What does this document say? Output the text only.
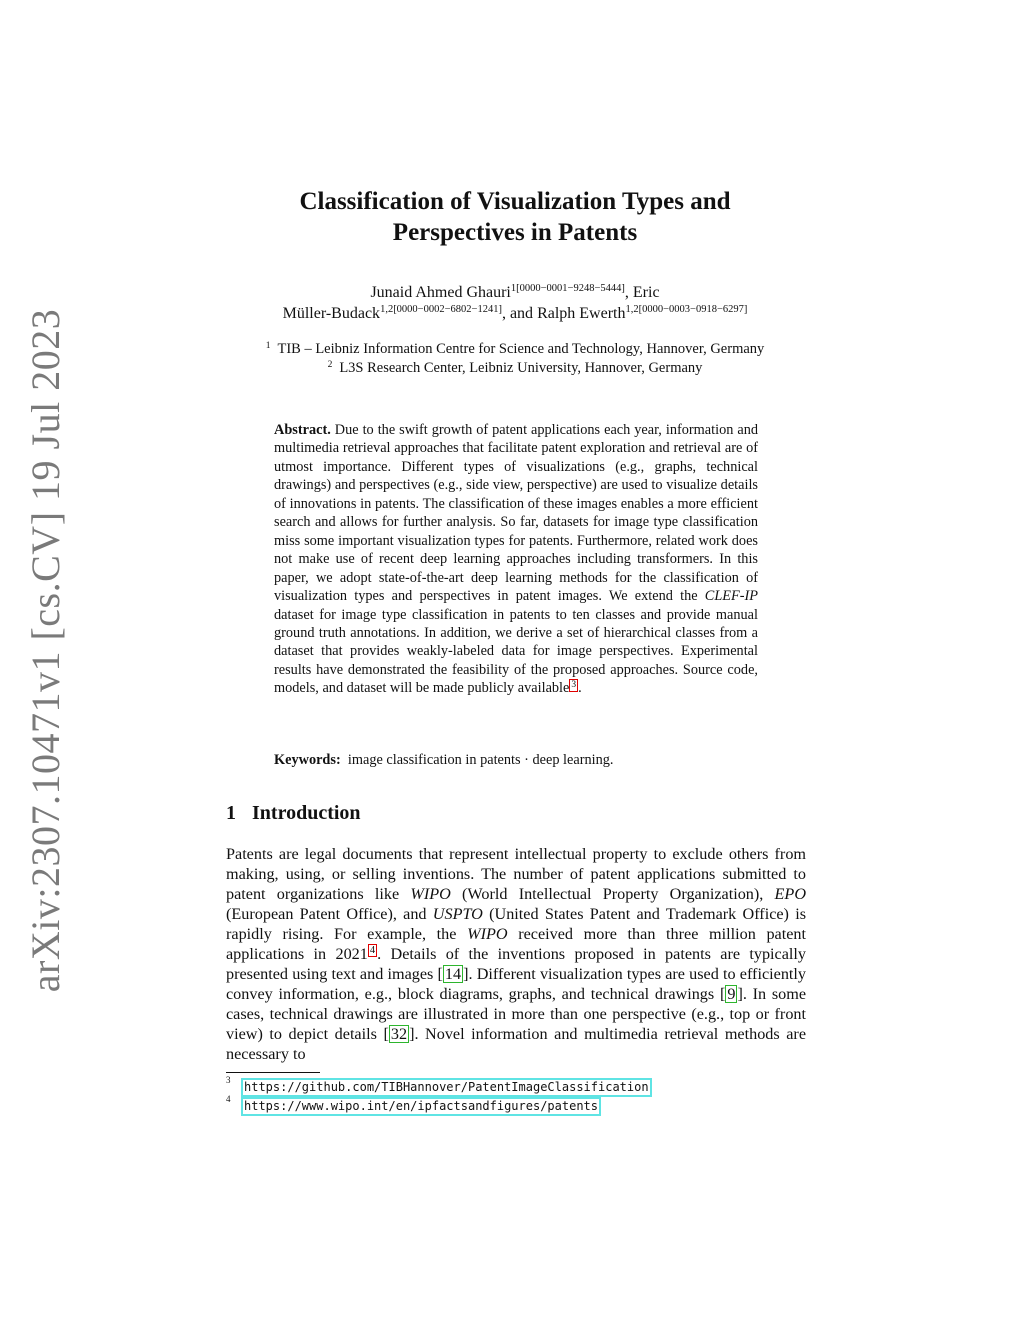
arXiv:2307.10471v1 [cs.CV] 19 Jul 2023
Classification of Visualization Types and
Perspectives in Patents
Junaid Ahmed Ghauri$^{1[0000-0001-9248-5444]}$, Eric
Müller-Budack$^{1,2[0000-0002-6802-1241]}$, and Ralph Ewerth$^{1,2[0000-0003-0918-6297]}$
$^1$ TIB – Leibniz Information Centre for Science and Technology, Hannover, Germany
$^2$ L3S Research Center, Leibniz University, Hannover, Germany
Abstract. Due to the swift growth of patent applications each year, information and multimedia retrieval approaches that facilitate patent exploration and retrieval are of utmost importance. Different types of visualizations (e.g., graphs, technical drawings) and perspectives (e.g., side view, perspective) are used to visualize details of innovations in patents. The classification of these images enables a more efficient search and allows for further analysis. So far, datasets for image type classification miss some important visualization types for patents. Furthermore, related work does not make use of recent deep learning approaches including transformers. In this paper, we adopt state-of-the-art deep learning methods for the classification of visualization types and perspectives in patent images. We extend the CLEF-IP dataset for image type classification in patents to ten classes and provide manual ground truth annotations. In addition, we derive a set of hierarchical classes from a dataset that provides weakly-labeled data for image perspectives. Experimental results have demonstrated the feasibility of the proposed approaches. Source code, models, and dataset will be made publicly available 3 .
Keywords: image classification in patents · deep learning.
1 Introduction
Patents are legal documents that represent intellectual property to exclude others from making, using, or selling inventions. The number of patent applications submitted to patent organizations like WIPO (World Intellectual Property Organization), EPO (European Patent Office), and USPTO (United States Patent and Trademark Office) is rapidly rising. For example, the WIPO received more than three million patent applications in 2021 4 . Details of the inventions proposed in patents are typically presented using text and images [ 14 ]. Different visualization types are used to efficiently convey information, e.g., block diagrams, graphs, and technical drawings [ 9 ]. In some cases, technical drawings are illustrated in more than one perspective (e.g., top or front view) to depict details [ 32 ]. Novel information and multimedia retrieval methods are necessary to
3	https://github.com/TIBHannover/PatentImageClassification
4	https://www.wipo.int/en/ipfactsandfigures/patents
